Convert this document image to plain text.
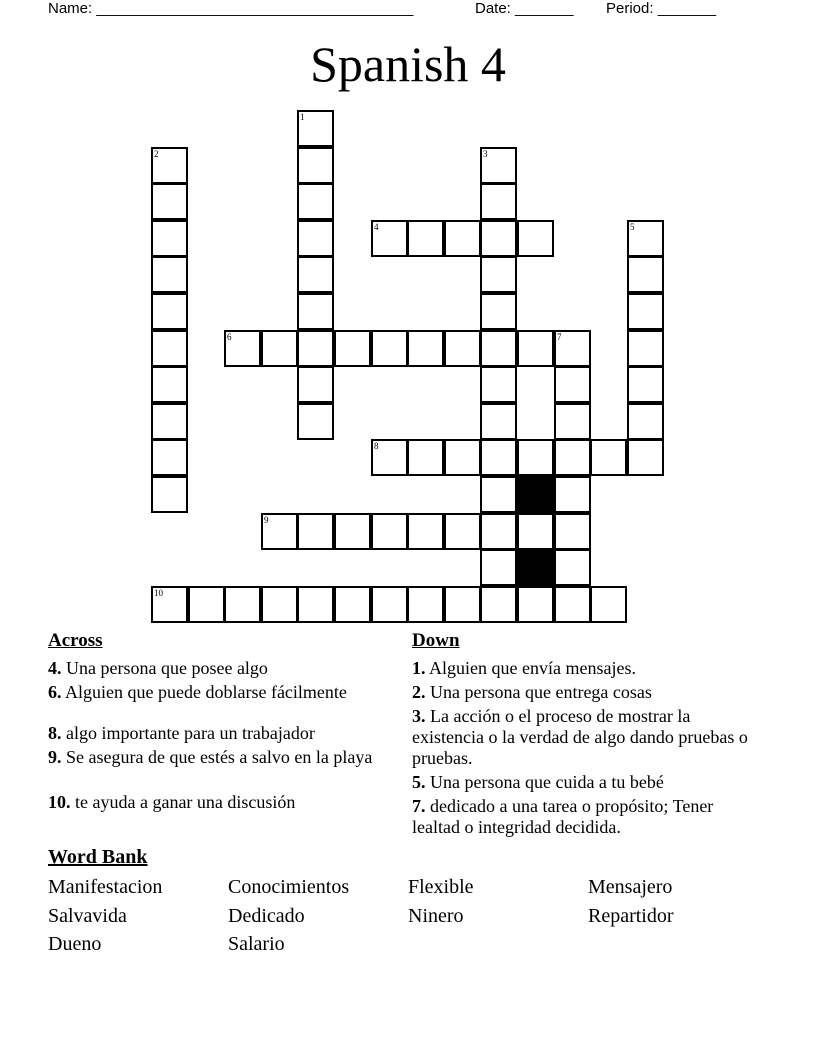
Name: ______________________________________	Date: _______ Period: _______
Spanish 4
1
2	3
4	5
6	7
8
9
10
Across
4. Una persona que posee algo
6. Alguien que puede doblarse fácilmente
8. algo importante para un trabajador
9. Se asegura de que estés a salvo en la playa
10. te ayuda a ganar una discusión
Down
1. Alguien que envía mensajes.
2. Una persona que entrega cosas
3. La acción o el proceso de mostrar la existencia o la verdad de algo dando pruebas o pruebas.
5. Una persona que cuida a tu bebé
7. dedicado a una tarea o propósito; Tener lealtad o integridad decidida.
Word Bank
Manifestacion	Conocimientos	Flexible	Mensajero
Salvavida	Dedicado	Ninero	Repartidor
Dueno	Salario
